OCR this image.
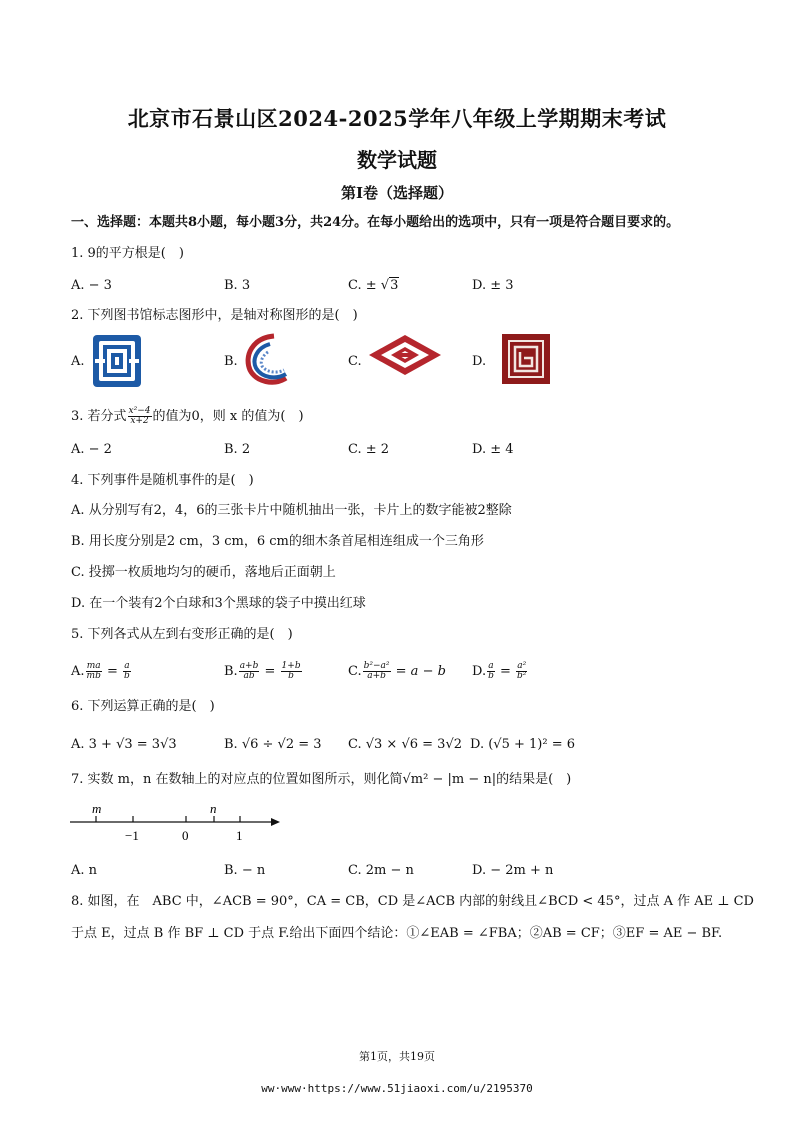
北京市石景山区2024-2025学年八年级上学期期末考试
数学试题
第I卷（选择题）
一、选择题：本题共8小题，每小题3分，共24分。在每小题给出的选项中，只有一项是符合题目要求的。
1. 9的平方根是(　)
A. − 3	B. 3	C. ± √3	D. ± 3
2. 下列图书馆标志图形中，是轴对称图形的是(　)
A.	B.	C.	D.
3. 若分式 $\frac{\text{x²−4}}{x+2}$ 的值为0，则 x 的值为(　)
A. − 2	B. 2	C. ± 2	D. ± 4
4. 下列事件是随机事件的是(　)
A. 从分别写有2，4，6的三张卡片中随机抽出一张，卡片上的数字能被2整除
B. 用长度分别是2 cm，3 cm，6 cm的细木条首尾相连组成一个三角形
C. 投掷一枚质地均匀的硬币，落地后正面朝上
D. 在一个装有2个白球和3个黑球的袋子中摸出红球
5. 下列各式从左到右变形正确的是(　)
A. $\frac{ma}{mb} = \frac{a}{b}$	B. $\frac{a+b}{ab} = \frac{1+b}{b}$	C. $\frac{\text{b²−a²}}{a+b} = a - b$ D. $\frac{a}{b} = \frac{\text{a²}}{\text{b²}}$
6. 下列运算正确的是(　)
A. 3 + √3 = 3√3	B. √6 ÷ √2 = 3 C. √3 × √6 = 3√2 D. (√5 + 1)² = 6
7. 实数 m，n 在数轴上的对应点的位置如图所示，则化简√m² − |m − n|的结果是(　)
m	n
−1	0	1
A. n	B. − n	C. 2m − n	D. − 2m + n
8. 如图，在　ABC 中，∠ACB = 90°，CA = CB，CD 是∠ACB 内部的射线且∠BCD < 45°，过点 A 作 AE ⊥ CD
于点 E，过点 B 作 BF ⊥ CD 于点 F.给出下面四个结论：①∠EAB = ∠FBA；②AB = CF；③EF = AE − BF.
第1页，共19页
ww·www·https://www.51jiaoxi.com/u/2195370
